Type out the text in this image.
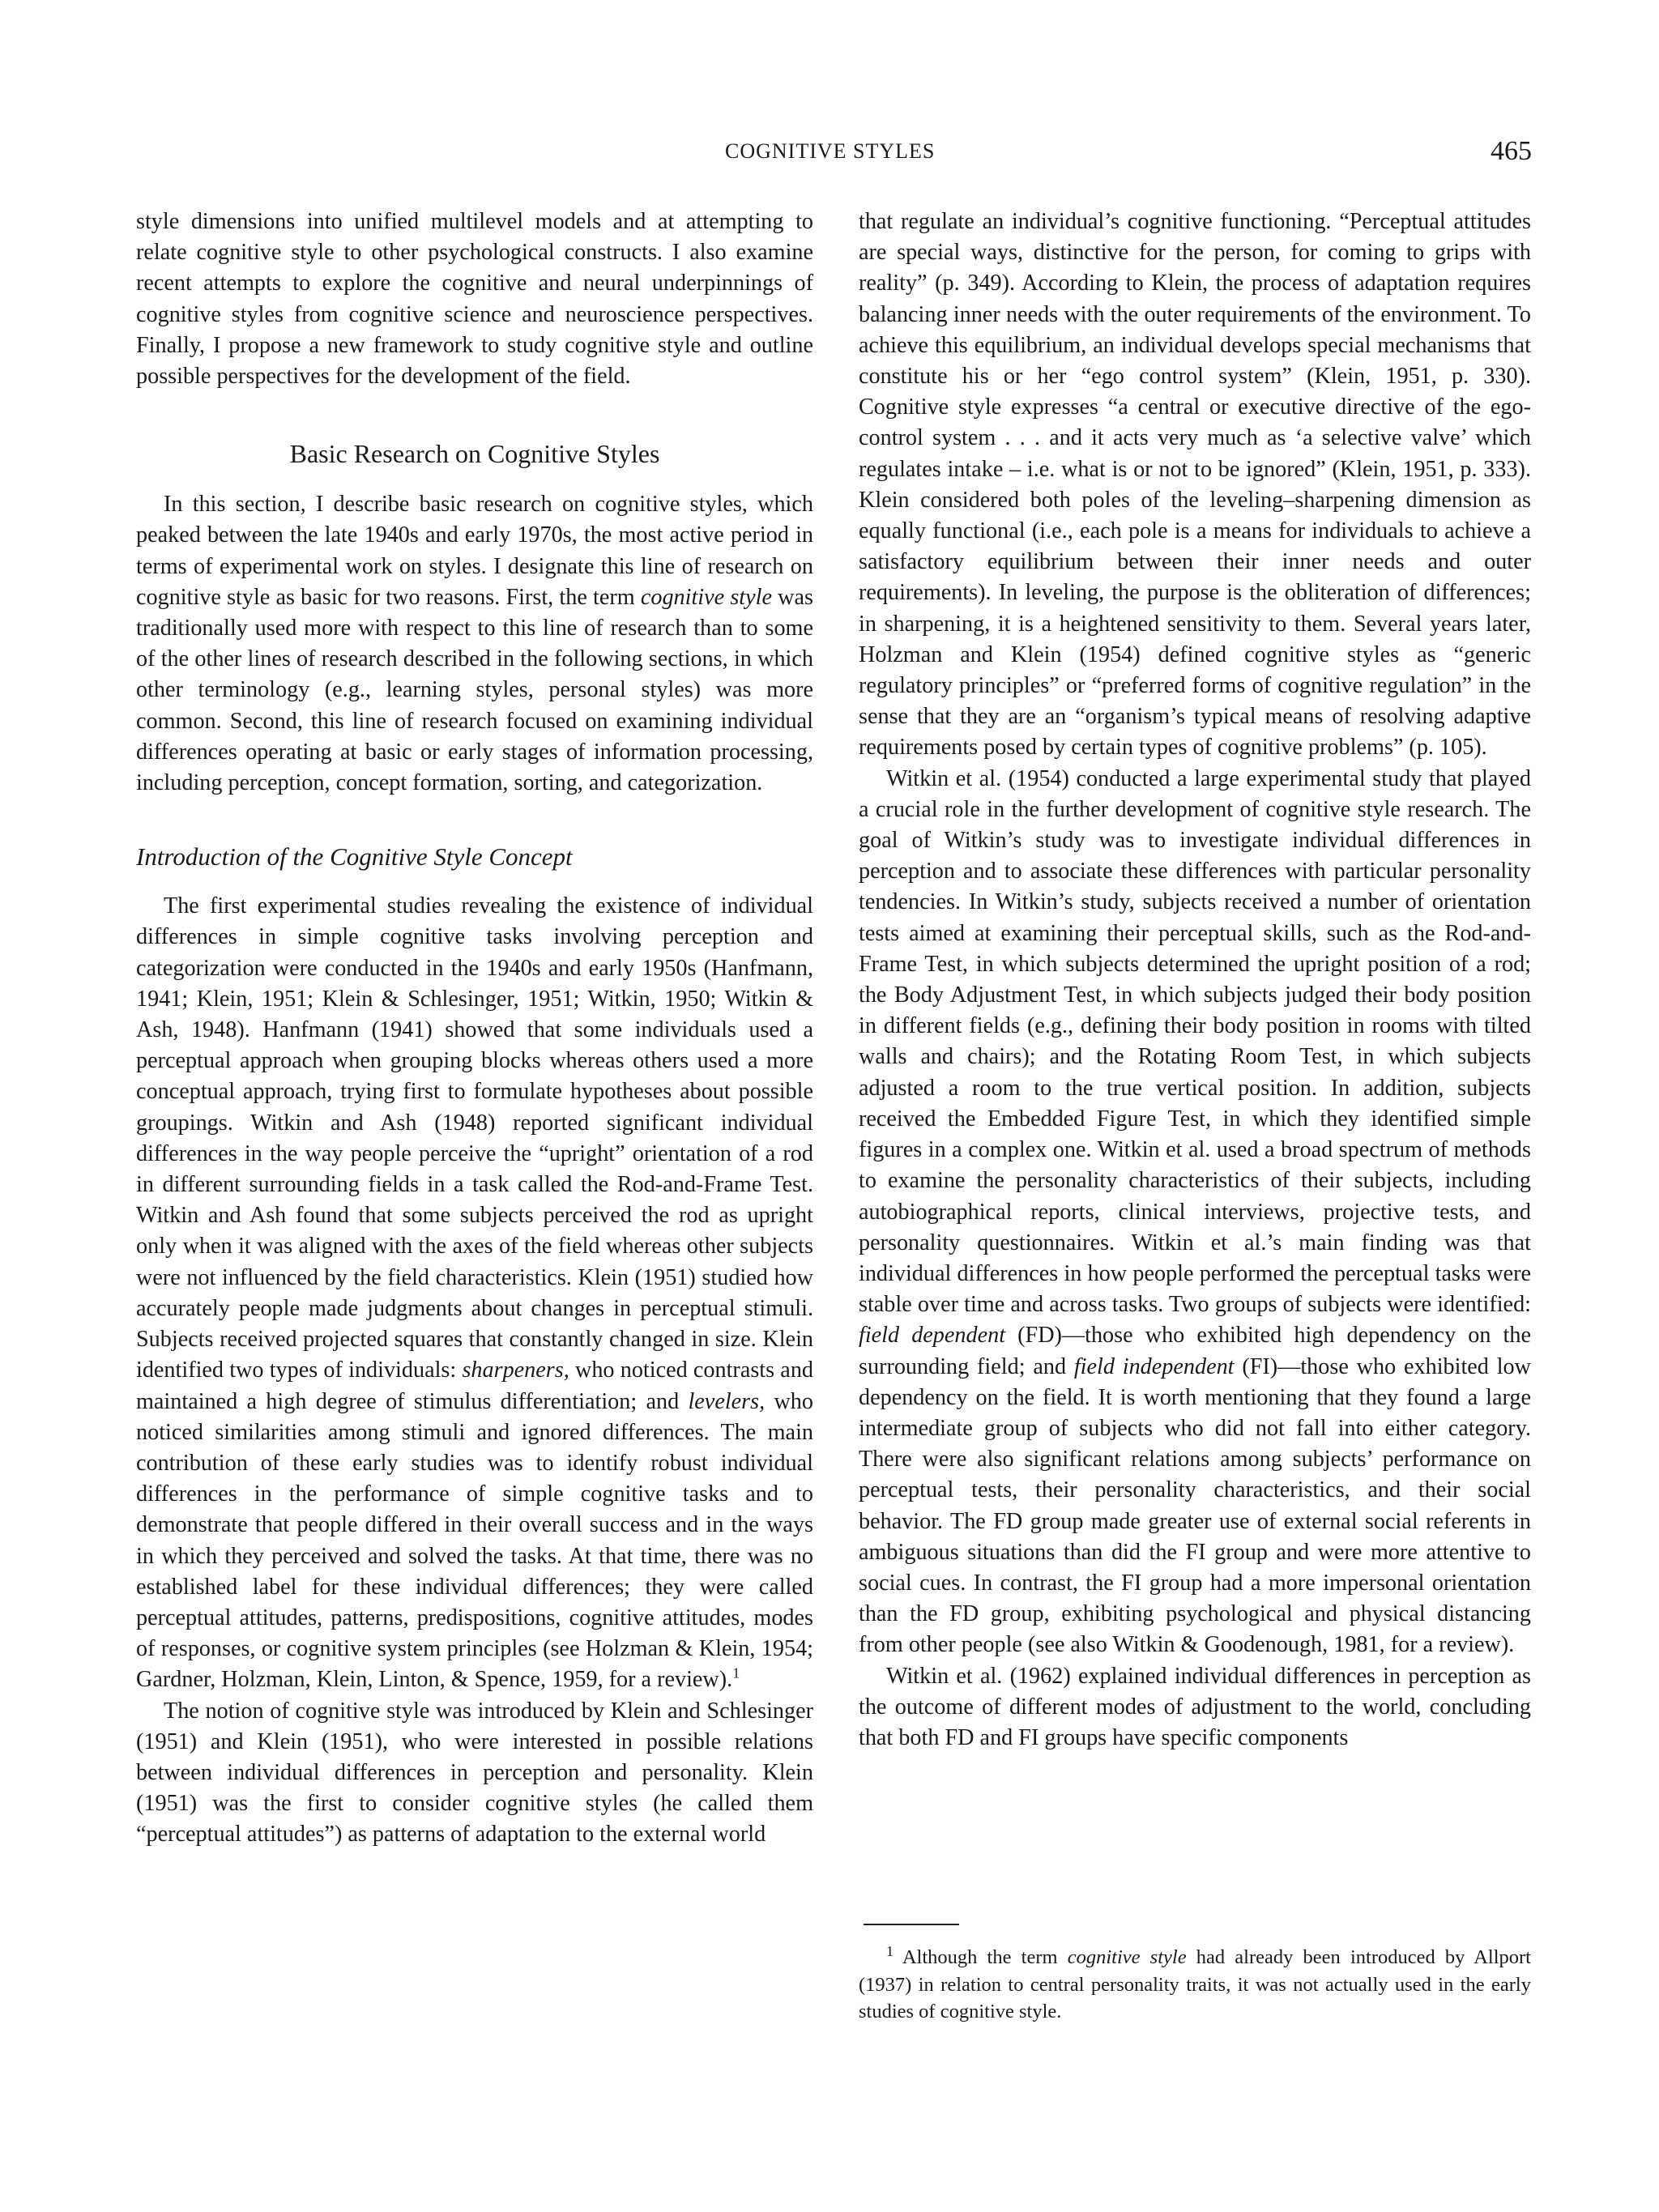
COGNITIVE STYLES	465

style dimensions into unified multilevel models and at attempting to relate cognitive style to other psychological constructs. I also examine recent attempts to explore the cognitive and neural underpinnings of cognitive styles from cognitive science and neuroscience perspectives. Finally, I propose a new framework to study cognitive style and outline possible perspectives for the development of the field.

Basic Research on Cognitive Styles

In this section, I describe basic research on cognitive styles, which peaked between the late 1940s and early 1970s, the most active period in terms of experimental work on styles. I designate this line of research on cognitive style as basic for two reasons. First, the term cognitive style was traditionally used more with respect to this line of research than to some of the other lines of research described in the following sections, in which other terminology (e.g., learning styles, personal styles) was more common. Second, this line of research focused on examining individual differences operating at basic or early stages of information processing, including perception, concept formation, sorting, and categorization.

Introduction of the Cognitive Style Concept

The first experimental studies revealing the existence of individual differences in simple cognitive tasks involving perception and categorization were conducted in the 1940s and early 1950s (Hanfmann, 1941; Klein, 1951; Klein & Schlesinger, 1951; Witkin, 1950; Witkin & Ash, 1948). Hanfmann (1941) showed that some individuals used a perceptual approach when grouping blocks whereas others used a more conceptual approach, trying first to formulate hypotheses about possible groupings. Witkin and Ash (1948) reported significant individual differences in the way people perceive the “upright” orientation of a rod in different surrounding fields in a task called the Rod-and-Frame Test. Witkin and Ash found that some subjects perceived the rod as upright only when it was aligned with the axes of the field whereas other subjects were not influenced by the field characteristics. Klein (1951) studied how accurately people made judgments about changes in perceptual stimuli. Subjects received projected squares that constantly changed in size. Klein identified two types of individuals: sharpeners, who noticed contrasts and maintained a high degree of stimulus differentiation; and levelers, who noticed similarities among stimuli and ignored differences. The main contribution of these early studies was to identify robust individual differences in the performance of simple cognitive tasks and to demonstrate that people differed in their overall success and in the ways in which they perceived and solved the tasks. At that time, there was no established label for these individual differences; they were called perceptual attitudes, patterns, predispositions, cognitive attitudes, modes of responses, or cognitive system principles (see Holzman & Klein, 1954; Gardner, Holzman, Klein, Linton, & Spence, 1959, for a review).$^1$

The notion of cognitive style was introduced by Klein and Schlesinger (1951) and Klein (1951), who were interested in possible relations between individual differences in perception and personality. Klein (1951) was the first to consider cognitive styles (he called them “perceptual attitudes”) as patterns of adaptation to the external world

that regulate an individual’s cognitive functioning. “Perceptual attitudes are special ways, distinctive for the person, for coming to grips with reality” (p. 349). According to Klein, the process of adaptation requires balancing inner needs with the outer requirements of the environment. To achieve this equilibrium, an individual develops special mechanisms that constitute his or her “ego control system” (Klein, 1951, p. 330). Cognitive style expresses “a central or executive directive of the ego-control system . . . and it acts very much as ‘a selective valve’ which regulates intake – i.e. what is or not to be ignored” (Klein, 1951, p. 333). Klein considered both poles of the leveling–sharpening dimension as equally functional (i.e., each pole is a means for individuals to achieve a satisfactory equilibrium between their inner needs and outer requirements). In leveling, the purpose is the obliteration of differences; in sharpening, it is a heightened sensitivity to them. Several years later, Holzman and Klein (1954) defined cognitive styles as “generic regulatory principles” or “preferred forms of cognitive regulation” in the sense that they are an “organism’s typical means of resolving adaptive requirements posed by certain types of cognitive problems” (p. 105).

Witkin et al. (1954) conducted a large experimental study that played a crucial role in the further development of cognitive style research. The goal of Witkin’s study was to investigate individual differences in perception and to associate these differences with particular personality tendencies. In Witkin’s study, subjects received a number of orientation tests aimed at examining their perceptual skills, such as the Rod-and-Frame Test, in which subjects determined the upright position of a rod; the Body Adjustment Test, in which subjects judged their body position in different fields (e.g., defining their body position in rooms with tilted walls and chairs); and the Rotating Room Test, in which subjects adjusted a room to the true vertical position. In addition, subjects received the Embedded Figure Test, in which they identified simple figures in a complex one. Witkin et al. used a broad spectrum of methods to examine the personality characteristics of their subjects, including autobiographical reports, clinical interviews, projective tests, and personality questionnaires. Witkin et al.’s main finding was that individual differences in how people performed the perceptual tasks were stable over time and across tasks. Two groups of subjects were identified: field dependent (FD)—those who exhibited high dependency on the surrounding field; and field independent (FI)—those who exhibited low dependency on the field. It is worth mentioning that they found a large intermediate group of subjects who did not fall into either category. There were also significant relations among subjects’ performance on perceptual tests, their personality characteristics, and their social behavior. The FD group made greater use of external social referents in ambiguous situations than did the FI group and were more attentive to social cues. In contrast, the FI group had a more impersonal orientation than the FD group, exhibiting psychological and physical distancing from other people (see also Witkin & Goodenough, 1981, for a review).

Witkin et al. (1962) explained individual differences in perception as the outcome of different modes of adjustment to the world, concluding that both FD and FI groups have specific components

$^1$ Although the term cognitive style had already been introduced by Allport (1937) in relation to central personality traits, it was not actually used in the early studies of cognitive style.
